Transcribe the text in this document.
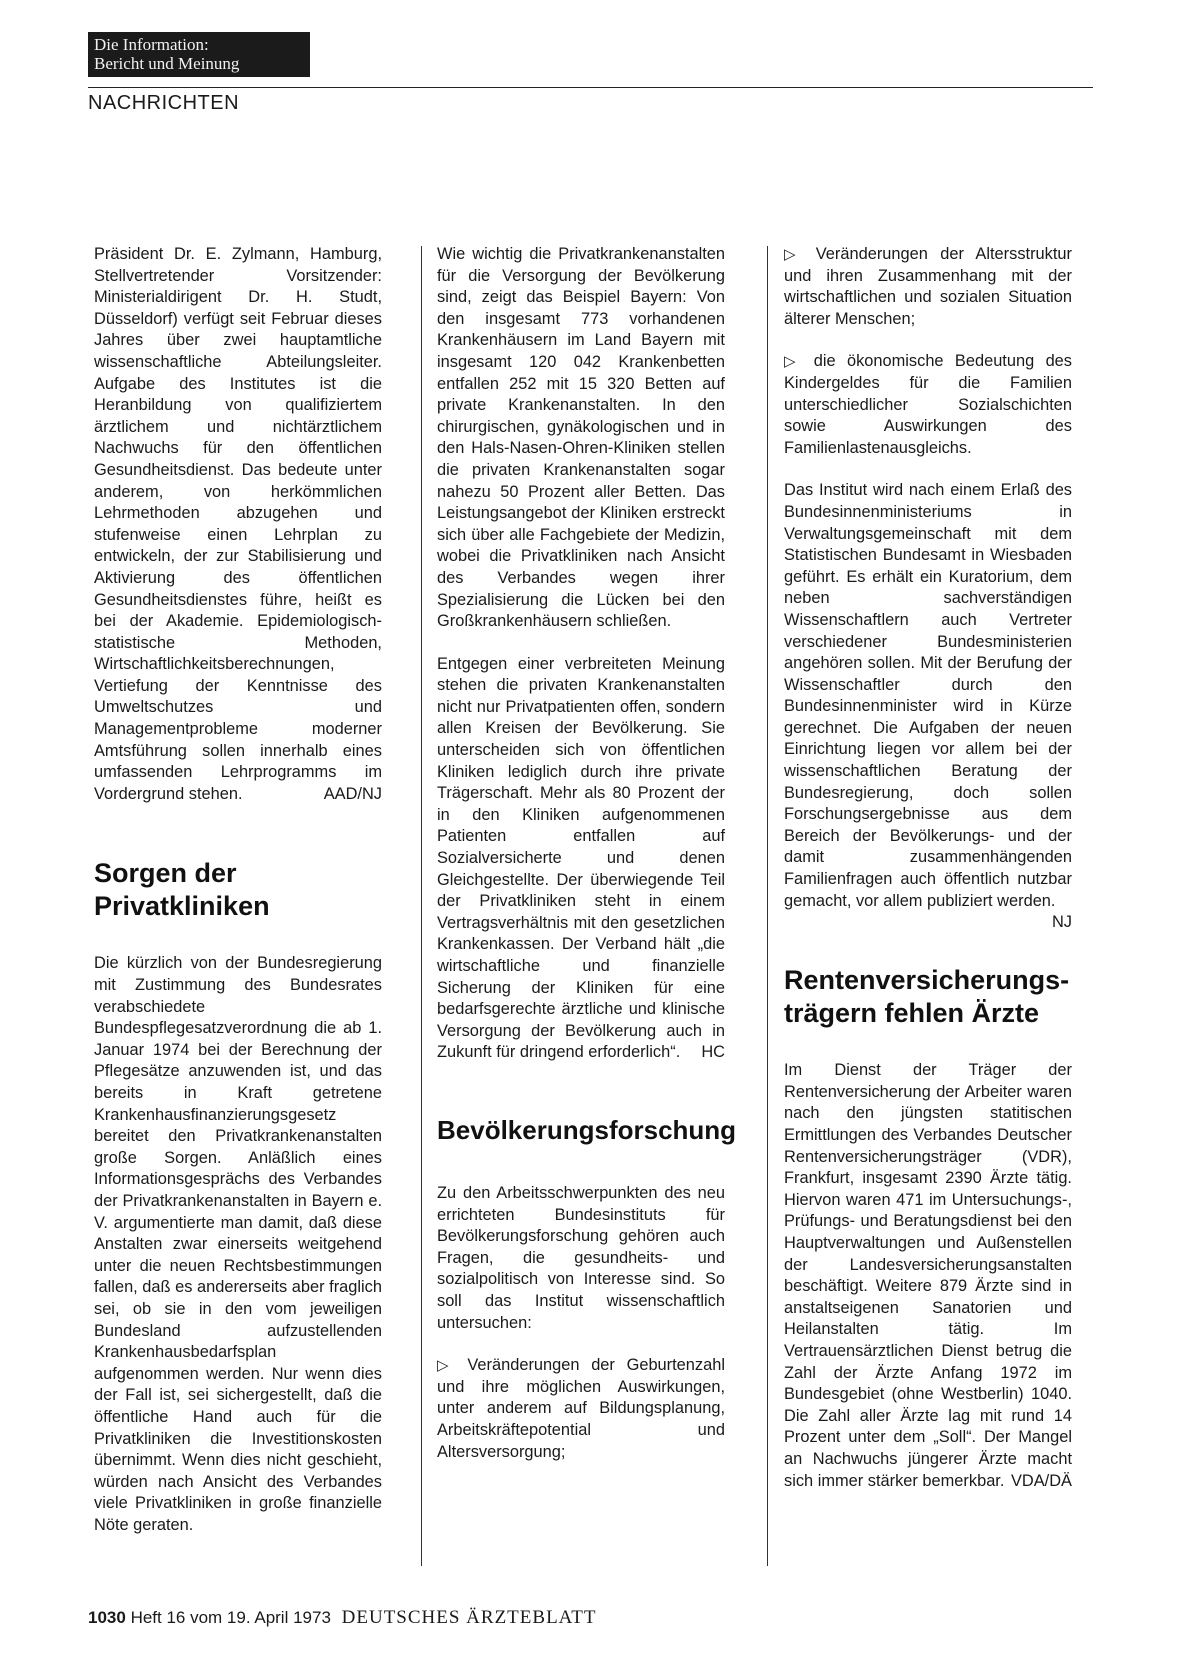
Die Information:
Bericht und Meinung
NACHRICHTEN

Präsident Dr. E. Zylmann, Hamburg, Stellvertretender Vorsitzender: Ministerialdirigent Dr. H. Studt, Düsseldorf) verfügt seit Februar dieses Jahres über zwei hauptamtliche wissenschaftliche Abteilungsleiter. Aufgabe des Institutes ist die Heranbildung von qualifiziertem ärztlichem und nichtärztlichem Nachwuchs für den öffentlichen Gesundheitsdienst. Das bedeute unter anderem, von herkömmlichen Lehrmethoden abzugehen und stufenweise einen Lehrplan zu entwickeln, der zur Stabilisierung und Aktivierung des öffentlichen Gesundheitsdienstes führe, heißt es bei der Akademie. Epidemiologisch-statistische Methoden, Wirtschaftlichkeitsberechnungen, Vertiefung der Kenntnisse des Umweltschutzes und Managementprobleme moderner Amtsführung sollen innerhalb eines umfassenden Lehrprogramms im Vordergrund stehen.	AAD/NJ

Sorgen der
Privatkliniken

Die kürzlich von der Bundesregierung mit Zustimmung des Bundesrates verabschiedete Bundespflegesatzverordnung die ab 1. Januar 1974 bei der Berechnung der Pflegesätze anzuwenden ist, und das bereits in Kraft getretene Krankenhausfinanzierungsgesetz bereitet den Privatkrankenanstalten große Sorgen. Anläßlich eines Informationsgesprächs des Verbandes der Privatkrankenanstalten in Bayern e. V. argumentierte man damit, daß diese Anstalten zwar einerseits weitgehend unter die neuen Rechtsbestimmungen fallen, daß es andererseits aber fraglich sei, ob sie in den vom jeweiligen Bundesland aufzustellenden Krankenhausbedarfsplan aufgenommen werden. Nur wenn dies der Fall ist, sei sichergestellt, daß die öffentliche Hand auch für die Privatkliniken die Investitionskosten übernimmt. Wenn dies nicht geschieht, würden nach Ansicht des Verbandes viele Privatkliniken in große finanzielle Nöte geraten.

Wie wichtig die Privatkrankenanstalten für die Versorgung der Bevölkerung sind, zeigt das Beispiel Bayern: Von den insgesamt 773 vorhandenen Krankenhäusern im Land Bayern mit insgesamt 120 042 Krankenbetten entfallen 252 mit 15 320 Betten auf private Krankenanstalten. In den chirurgischen, gynäkologischen und in den Hals-Nasen-Ohren-Kliniken stellen die privaten Krankenanstalten sogar nahezu 50 Prozent aller Betten. Das Leistungsangebot der Kliniken erstreckt sich über alle Fachgebiete der Medizin, wobei die Privatkliniken nach Ansicht des Verbandes wegen ihrer Spezialisierung die Lücken bei den Großkrankenhäusern schließen.

Entgegen einer verbreiteten Meinung stehen die privaten Krankenanstalten nicht nur Privatpatienten offen, sondern allen Kreisen der Bevölkerung. Sie unterscheiden sich von öffentlichen Kliniken lediglich durch ihre private Trägerschaft. Mehr als 80 Prozent der in den Kliniken aufgenommenen Patienten entfallen auf Sozialversicherte und denen Gleichgestellte. Der überwiegende Teil der Privatkliniken steht in einem Vertragsverhältnis mit den gesetzlichen Krankenkassen. Der Verband hält „die wirtschaftliche und finanzielle Sicherung der Kliniken für eine bedarfsgerechte ärztliche und klinische Versorgung der Bevölkerung auch in Zukunft für dringend erforderlich“. HC

Bevölkerungsforschung

Zu den Arbeitsschwerpunkten des neu errichteten Bundesinstituts für Bevölkerungsforschung gehören auch Fragen, die gesundheits- und sozialpolitisch von Interesse sind. So soll das Institut wissenschaftlich untersuchen:

▷ Veränderungen der Geburtenzahl und ihre möglichen Auswirkungen, unter anderem auf Bildungsplanung, Arbeitskräftepotential und Altersversorgung;

▷ Veränderungen der Altersstruktur und ihren Zusammenhang mit der wirtschaftlichen und sozialen Situation älterer Menschen;

▷ die ökonomische Bedeutung des Kindergeldes für die Familien unterschiedlicher Sozialschichten sowie Auswirkungen des Familienlastenausgleichs.

Das Institut wird nach einem Erlaß des Bundesinnenministeriums in Verwaltungsgemeinschaft mit dem Statistischen Bundesamt in Wiesbaden geführt. Es erhält ein Kuratorium, dem neben sachverständigen Wissenschaftlern auch Vertreter verschiedener Bundesministerien angehören sollen. Mit der Berufung der Wissenschaftler durch den Bundesinnenminister wird in Kürze gerechnet. Die Aufgaben der neuen Einrichtung liegen vor allem bei der wissenschaftlichen Beratung der Bundesregierung, doch sollen Forschungsergebnisse aus dem Bereich der Bevölkerungs- und der damit zusammenhängenden Familienfragen auch öffentlich nutzbar gemacht, vor allem publiziert werden.
NJ

Rentenversicherungs-
trägern fehlen Ärzte

Im Dienst der Träger der Rentenversicherung der Arbeiter waren nach den jüngsten statitischen Ermittlungen des Verbandes Deutscher Rentenversicherungsträger (VDR), Frankfurt, insgesamt 2390 Ärzte tätig. Hiervon waren 471 im Untersuchungs-, Prüfungs- und Beratungsdienst bei den Hauptverwaltungen und Außenstellen der Landesversicherungsanstalten beschäftigt. Weitere 879 Ärzte sind in anstaltseigenen Sanatorien und Heilanstalten tätig. Im Vertrauensärztlichen Dienst betrug die Zahl der Ärzte Anfang 1972 im Bundesgebiet (ohne Westberlin) 1040. Die Zahl aller Ärzte lag mit rund 14 Prozent unter dem „Soll“. Der Mangel an Nachwuchs jüngerer Ärzte macht sich immer stärker bemerkbar. VDA/DÄ

1030 Heft 16 vom 19. April 1973 DEUTSCHES ÄRZTEBLATT
